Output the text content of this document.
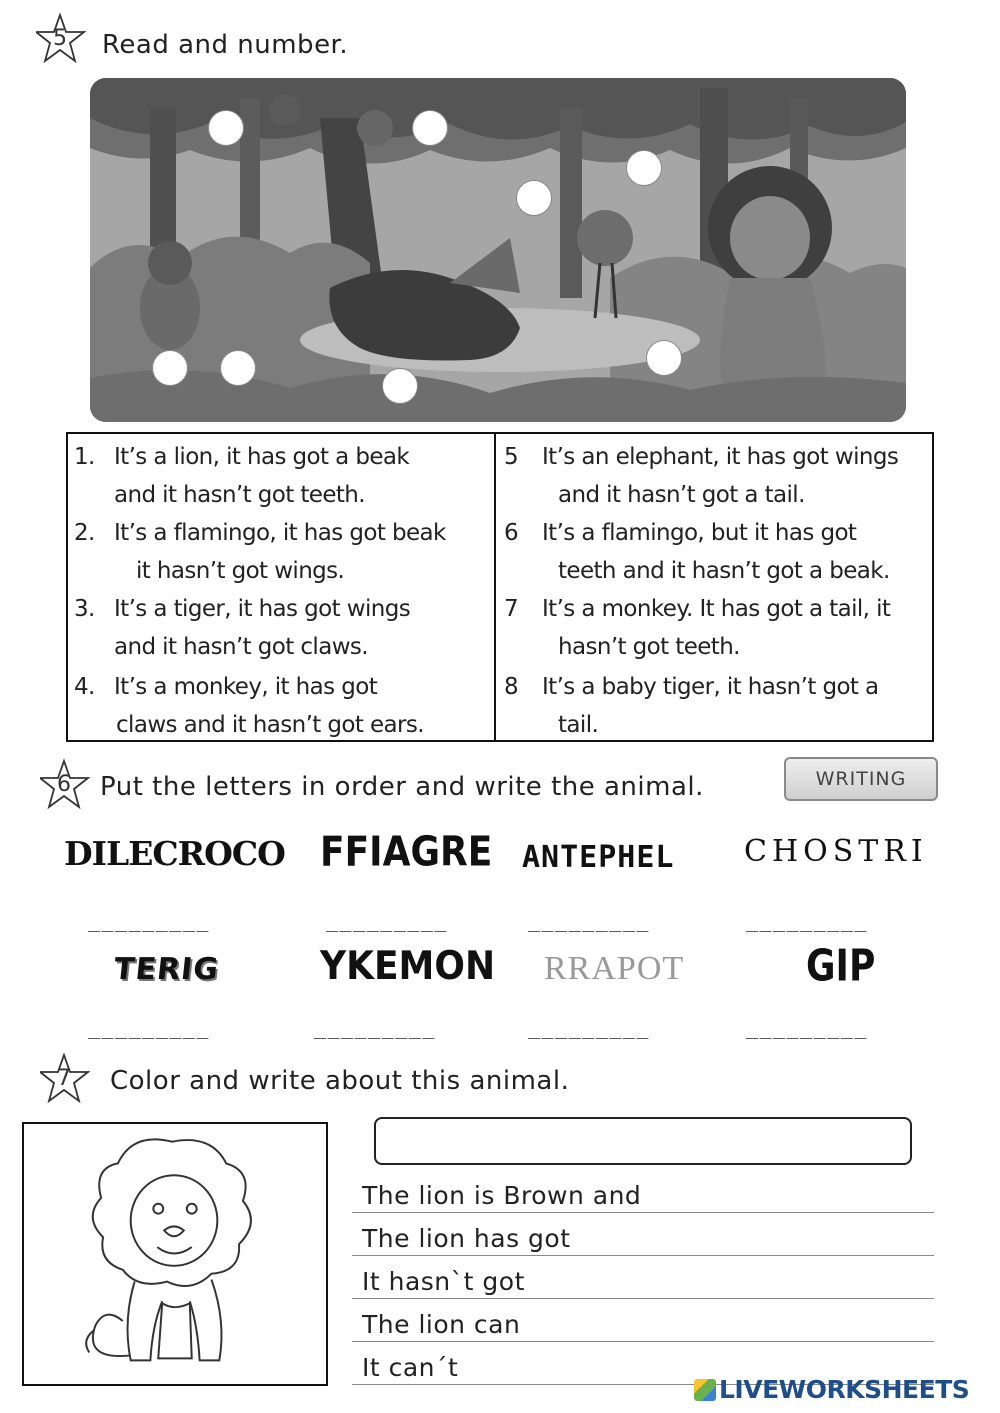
5	Read and number.
1. It’s a lion, it has got a beak
and it hasn’t got teeth.
2. It’s a flamingo, it has got beak
it hasn’t got wings.
3. It’s a tiger, it has got wings
and it hasn’t got claws.
4. It’s a monkey, it has got
claws and it hasn’t got ears.
5 It’s an elephant, it has got wings
and it hasn’t got a tail.
6 It’s a flamingo, but it has got
teeth and it hasn’t got a beak.
7 It’s a monkey. It has got a tail, it
hasn’t got teeth.
8 It’s a baby tiger, it hasn’t got a
tail.
6	Put the letters in order and write the animal.	WRITING
DILECROCO FFIAGRE ANTEPHEL CHOSTRI
_________	_________	_________	_________
TERIG	YKEMON RRAPOT	GIP
_________	_________	_________	_________
7	Color and write about this animal.
The lion is Brown and
The lion has got
It hasn`t got
The lion can
It can´t
LIVEWORKSHEETS
